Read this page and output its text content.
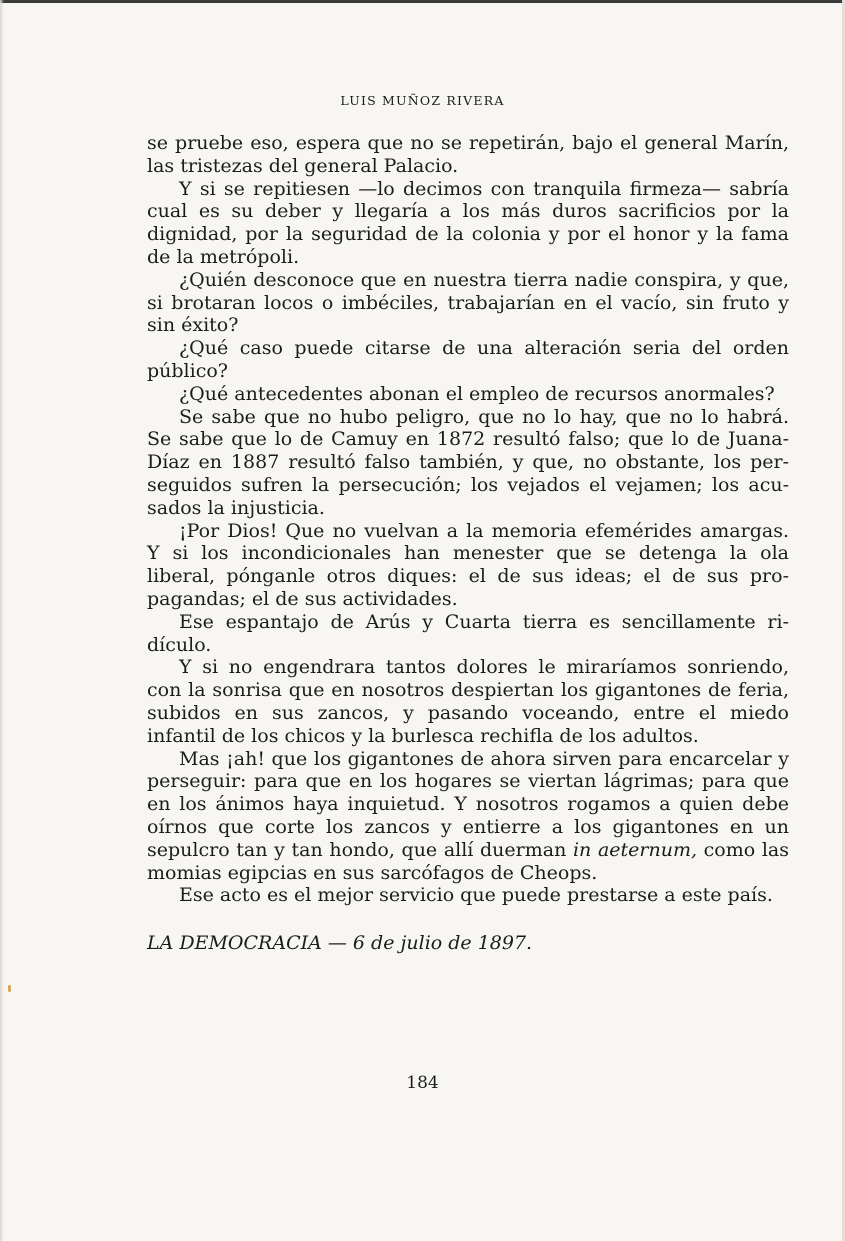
LUIS MUÑOZ RIVERA

se pruebe eso, espera que no se repetirán, bajo el general Marín, las tristezas del general Palacio.

Y si se repitiesen —lo decimos con tranquila firmeza— sabría cual es su deber y llegaría a los más duros sacrificios por la dignidad, por la seguridad de la colonia y por el honor y la fama de la metrópoli.

¿Quién desconoce que en nuestra tierra nadie conspira, y que, si brotaran locos o imbéciles, trabajarían en el vacío, sin fruto y sin éxito?

¿Qué caso puede citarse de una alteración seria del orden público?

¿Qué antecedentes abonan el empleo de recursos anormales?

Se sabe que no hubo peligro, que no lo hay, que no lo habrá. Se sabe que lo de Camuy en 1872 resultó falso; que lo de JuanaDíaz en 1887 resultó falso también, y que, no obstante, los perseguidos sufren la persecución; los vejados el vejamen; los acusados la injusticia.

¡Por Dios! Que no vuelvan a la memoria efemérides amargas. Y si los incondicionales han menester que se detenga la ola liberal, pónganle otros diques: el de sus ideas; el de sus propagandas; el de sus actividades.

Ese espantajo de Arús y Cuarta tierra es sencillamente ridículo.

Y si no engendrara tantos dolores le miraríamos sonriendo, con la sonrisa que en nosotros despiertan los gigantones de feria, subidos en sus zancos, y pasando voceando, entre el miedo infantil de los chicos y la burlesca rechifla de los adultos.

Mas ¡ah! que los gigantones de ahora sirven para encarcelar y perseguir: para que en los hogares se viertan lágrimas; para que en los ánimos haya inquietud. Y nosotros rogamos a quien debe oírnos que corte los zancos y entierre a los gigantones en un sepulcro tan y tan hondo, que allí duerman in aeternum, como las momias egipcias en sus sarcófagos de Cheops.

Ese acto es el mejor servicio que puede prestarse a este país.

LA DEMOCRACIA — 6 de julio de 1897.
184
